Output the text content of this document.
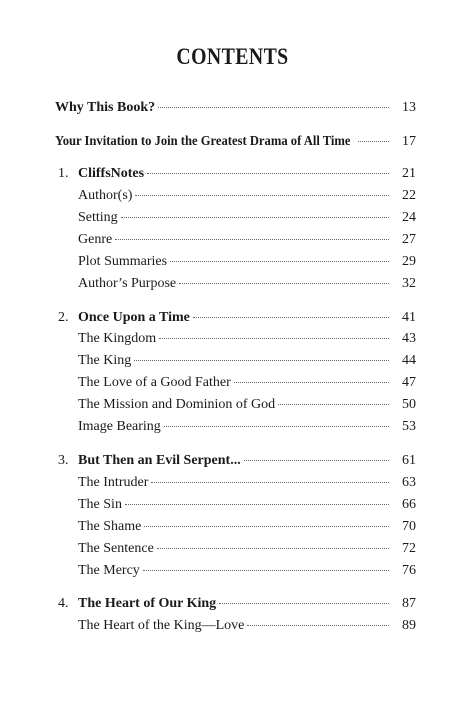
CONTENTS
Why This Book?	13
Your Invitation to Join the Greatest Drama of All Time	17
1. CliffsNotes	21
Author(s)	22
Setting	24
Genre	27
Plot Summaries	29
Author’s Purpose	32
2. Once Upon a Time	41
The Kingdom	43
The King	44
The Love of a Good Father	47
The Mission and Dominion of God	50
Image Bearing	53
3. But Then an Evil Serpent...	61
The Intruder	63
The Sin	66
The Shame	70
The Sentence	72
The Mercy	76
4. The Heart of Our King	87
The Heart of the King—Love	89
